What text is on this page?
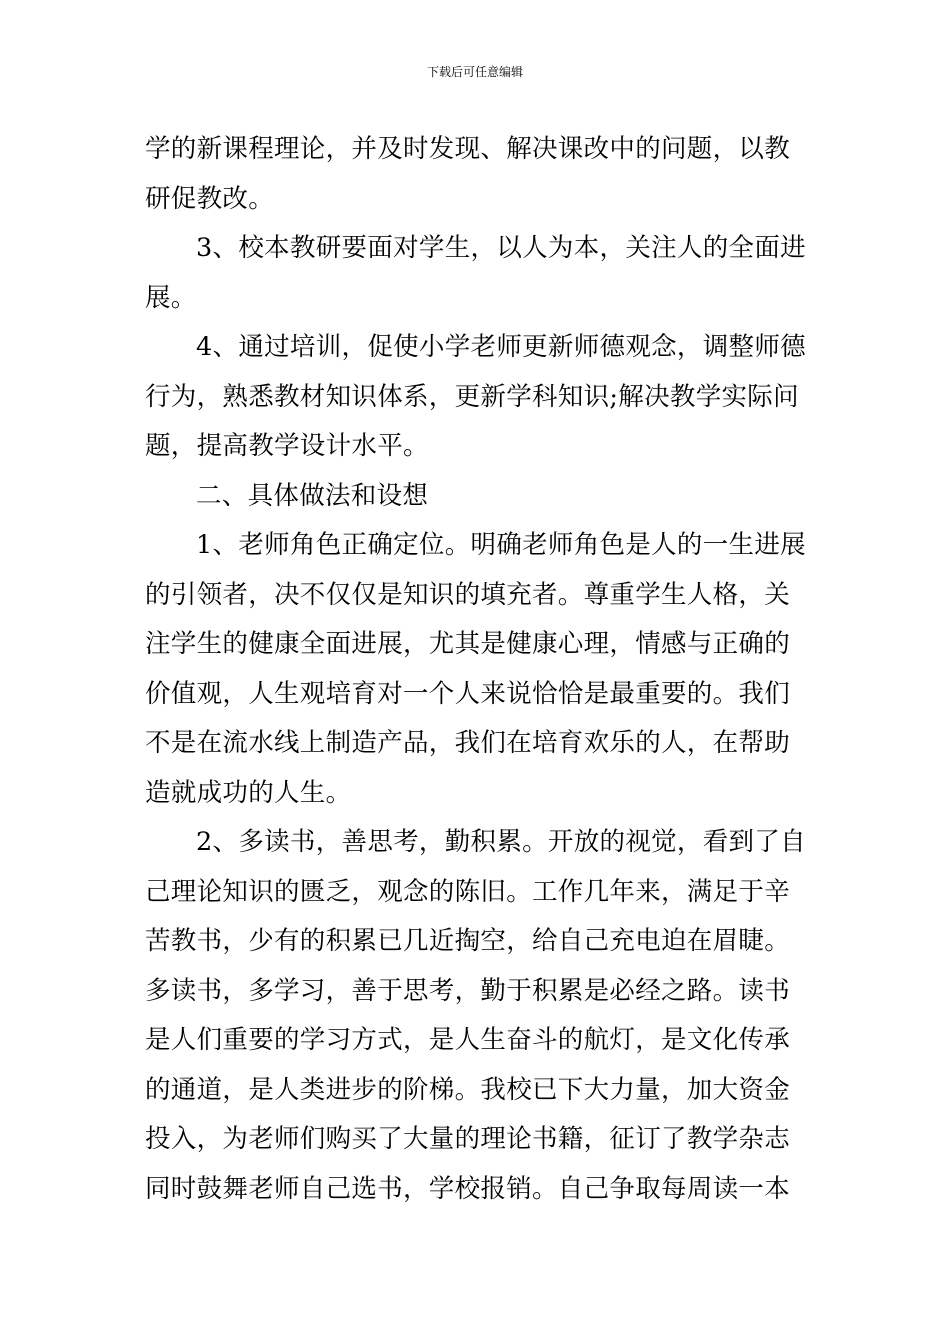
下载后可任意编辑
学的新课程理论，并及时发现、解决课改中的问题，以教
研促教改。
3、校本教研要面对学生，以人为本，关注人的全面进
展。
4、通过培训，促使小学老师更新师德观念，调整师德
行为，熟悉教材知识体系，更新学科知识;解决教学实际问
题，提高教学设计水平。
二、具体做法和设想
1、老师角色正确定位。明确老师角色是人的一生进展
的引领者，决不仅仅是知识的填充者。尊重学生人格，关
注学生的健康全面进展，尤其是健康心理，情感与正确的
价值观，人生观培育对一个人来说恰恰是最重要的。我们
不是在流水线上制造产品，我们在培育欢乐的人，在帮助
造就成功的人生。
2、多读书，善思考，勤积累。开放的视觉，看到了自
己理论知识的匮乏，观念的陈旧。工作几年来，满足于辛
苦教书，少有的积累已几近掏空，给自己充电迫在眉睫。
多读书，多学习，善于思考，勤于积累是必经之路。读书
是人们重要的学习方式，是人生奋斗的航灯，是文化传承
的通道，是人类进步的阶梯。我校已下大力量，加大资金
投入，为老师们购买了大量的理论书籍，征订了教学杂志
同时鼓舞老师自己选书，学校报销。自己争取每周读一本
